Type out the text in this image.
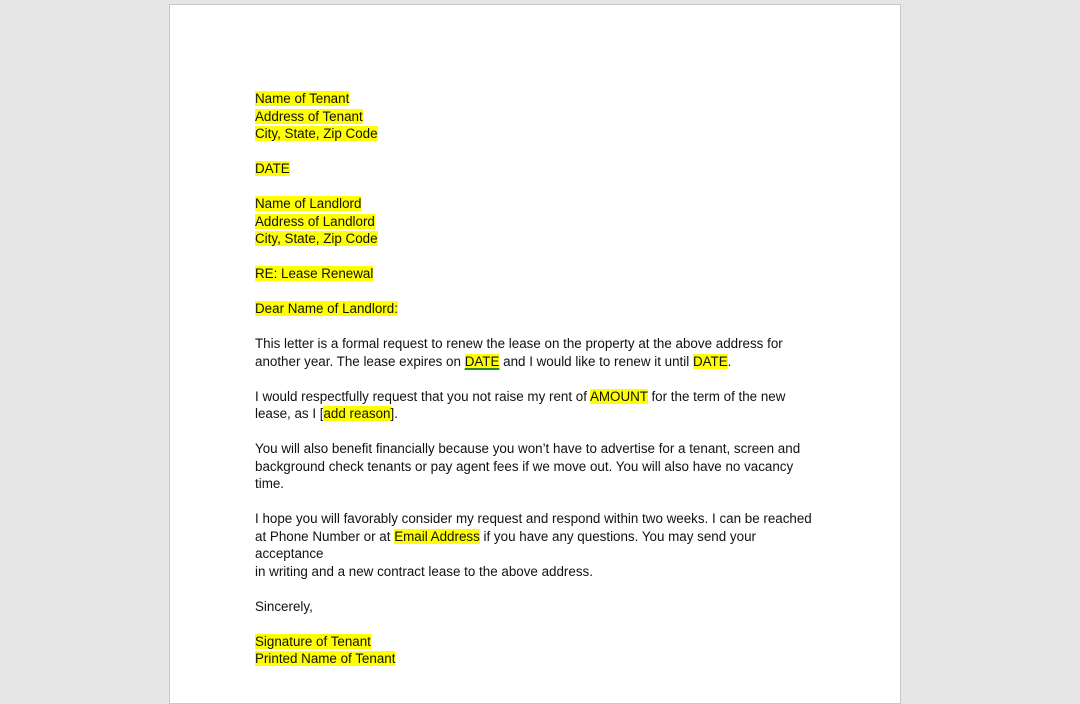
Name of Tenant

Address of Tenant

City, State, Zip Code

DATE

Name of Landlord

Address of Landlord

City, State, Zip Code

RE: Lease Renewal

Dear Name of Landlord:

This letter is a formal request to renew the lease on the property at the above address for
another year. The lease expires on DATE and I would like to renew it until DATE.

I would respectfully request that you not raise my rent of AMOUNT for the term of the new
lease, as I [add reason].

You will also benefit financially because you won’t have to advertise for a tenant, screen and
background check tenants or pay agent fees if we move out. You will also have no vacancy time.

I hope you will favorably consider my request and respond within two weeks. I can be reached
at Phone Number or at Email Address if you have any questions. You may send your acceptance
in writing and a new contract lease to the above address.

Sincerely,

Signature of Tenant

Printed Name of Tenant
